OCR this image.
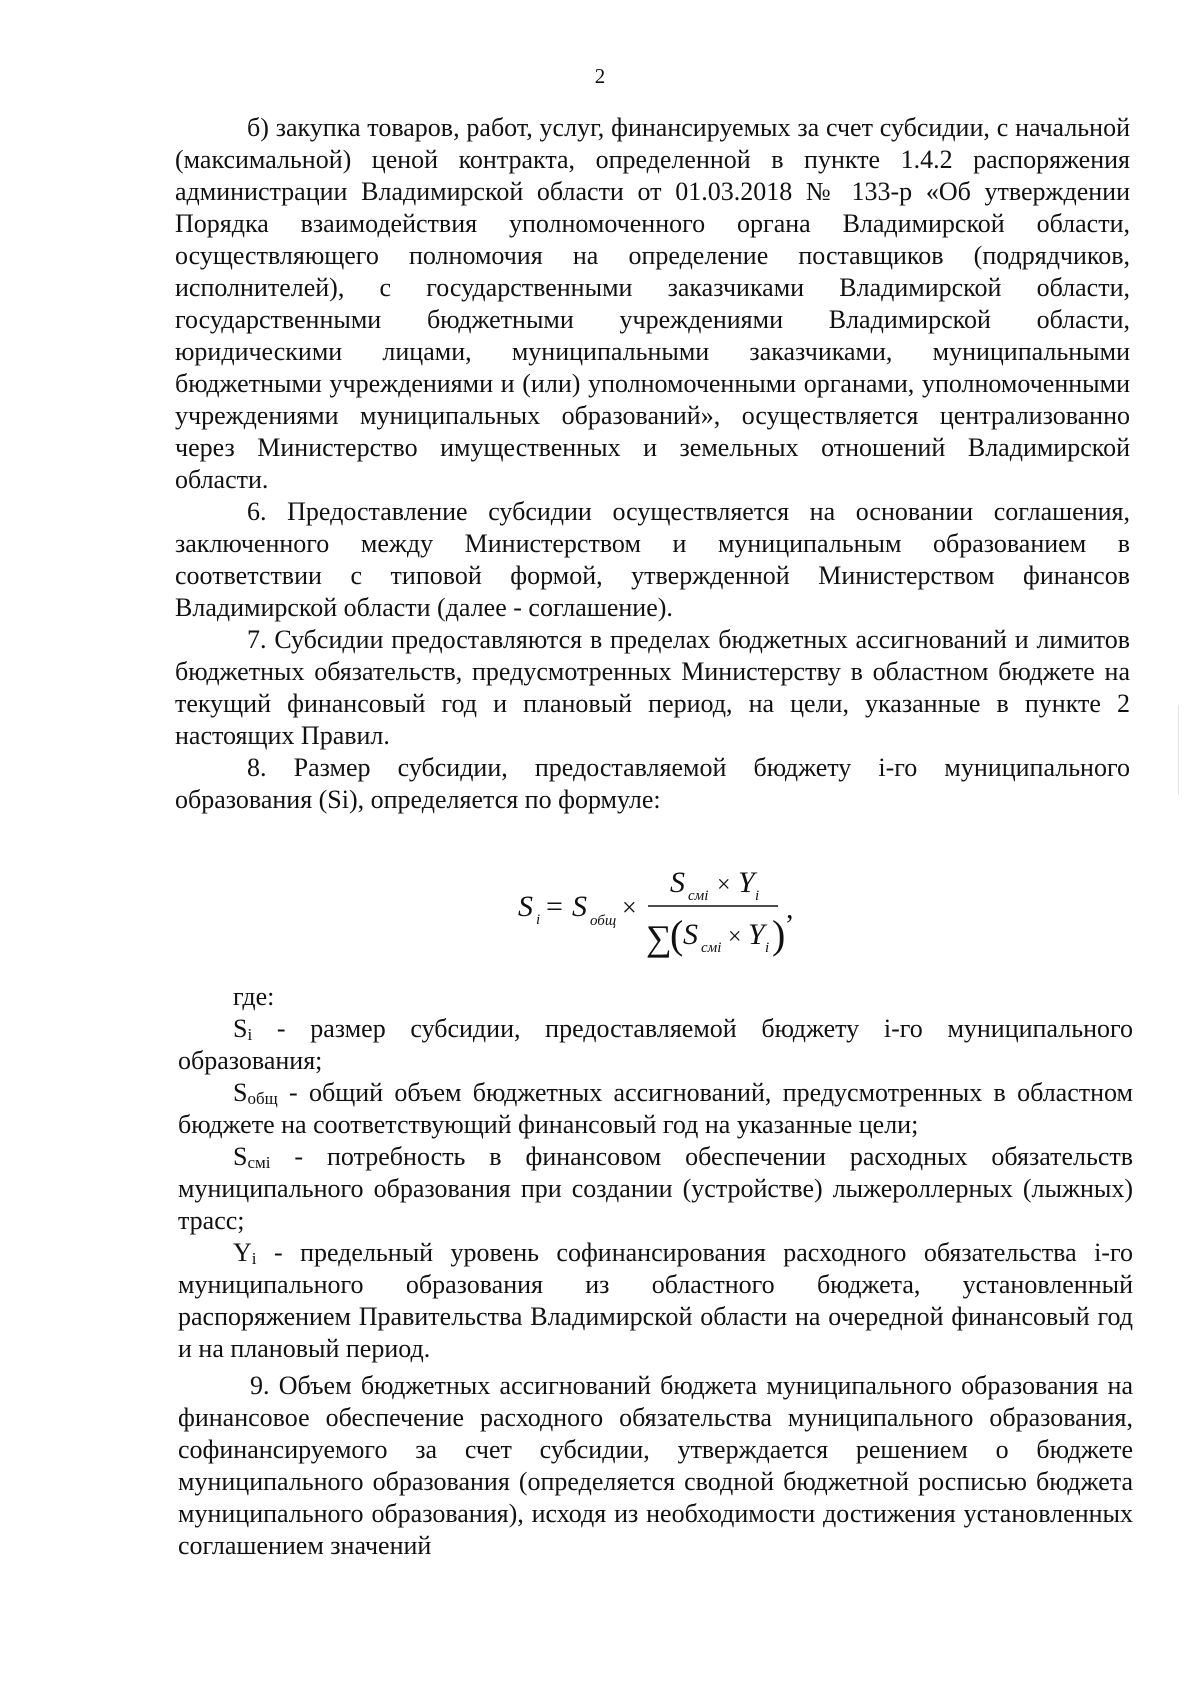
2

б) закупка товаров, работ, услуг, финансируемых за счет субсидии, с начальной (максимальной) ценой контракта, определенной в пункте 1.4.2 распоряжения администрации Владимирской области от 01.03.2018 № 133-р «Об утверждении Порядка взаимодействия уполномоченного органа Владимирской области, осуществляющего полномочия на определение поставщиков (подрядчиков, исполнителей), с государственными заказчиками Владимирской области, государственными бюджетными учреждениями Владимирской области, юридическими лицами, муниципальными заказчиками, муниципальными бюджетными учреждениями и (или) уполномоченными органами, уполномоченными учреждениями муниципальных образований», осуществляется централизованно через Министерство имущественных и земельных отношений Владимирской области.

6. Предоставление субсидии осуществляется на основании соглашения, заключенного между Министерством и муниципальным образованием в соответствии с типовой формой, утвержденной Министерством финансов Владимирской области (далее - соглашение).

7. Субсидии предоставляются в пределах бюджетных ассигнований и лимитов бюджетных обязательств, предусмотренных Министерству в областном бюджете на текущий финансовый год и плановый период, на цели, указанные в пункте 2 настоящих Правил.

8. Размер субсидии, предоставляемой бюджету i-го муниципального образования (Si), определяется по формуле:

S i = S общ ×
S смi × Y i
∑
( S смi × Y i )
,

где:

$S_i$ - размер субсидии, предоставляемой бюджету i-го муниципального образования;

$S_{общ}$ - общий объем бюджетных ассигнований, предусмотренных в областном бюджете на соответствующий финансовый год на указанные цели;

$S_{смi}$ - потребность в финансовом обеспечении расходных обязательств муниципального образования при создании (устройстве) лыжероллерных (лыжных) трасс;

$Y_i$ - предельный уровень софинансирования расходного обязательства i-го муниципального образования из областного бюджета, установленный распоряжением Правительства Владимирской области на очередной финансовый год и на плановый период.

9. Объем бюджетных ассигнований бюджета муниципального образования на финансовое обеспечение расходного обязательства муниципального образования, софинансируемого за счет субсидии, утверждается решением о бюджете муниципального образования (определяется сводной бюджетной росписью бюджета муниципального образования), исходя из необходимости достижения установленных соглашением значений
